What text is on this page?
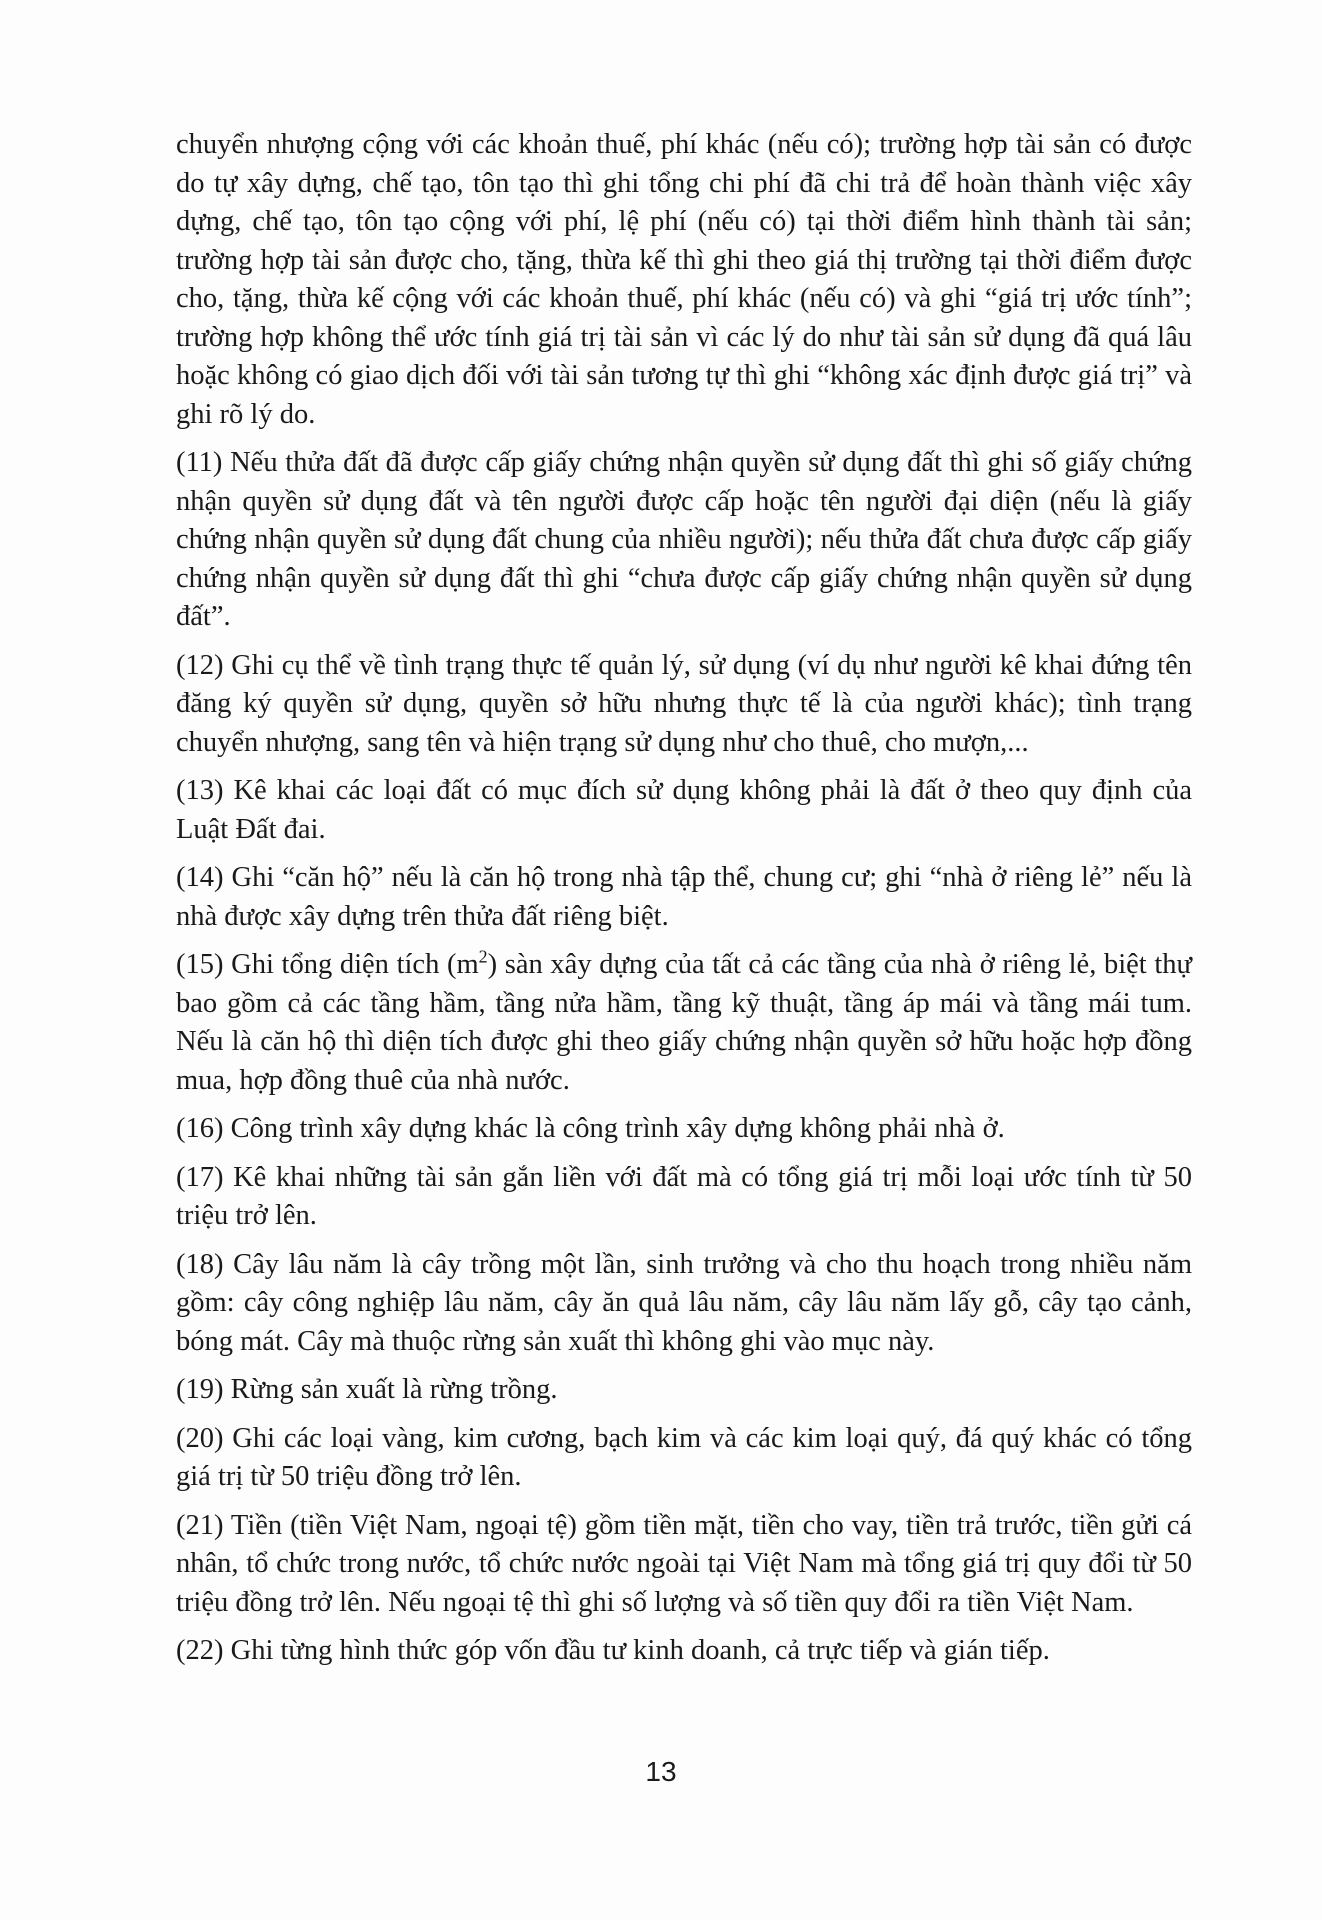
chuyển nhượng cộng với các khoản thuế, phí khác (nếu có); trường hợp tài sản có được do tự xây dựng, chế tạo, tôn tạo thì ghi tổng chi phí đã chi trả để hoàn thành việc xây dựng, chế tạo, tôn tạo cộng với phí, lệ phí (nếu có) tại thời điểm hình thành tài sản; trường hợp tài sản được cho, tặng, thừa kế thì ghi theo giá thị trường tại thời điểm được cho, tặng, thừa kế cộng với các khoản thuế, phí khác (nếu có) và ghi “giá trị ước tính”; trường hợp không thể ước tính giá trị tài sản vì các lý do như tài sản sử dụng đã quá lâu hoặc không có giao dịch đối với tài sản tương tự thì ghi “không xác định được giá trị” và ghi rõ lý do.

(11) Nếu thửa đất đã được cấp giấy chứng nhận quyền sử dụng đất thì ghi số giấy chứng nhận quyền sử dụng đất và tên người được cấp hoặc tên người đại diện (nếu là giấy chứng nhận quyền sử dụng đất chung của nhiều người); nếu thửa đất chưa được cấp giấy chứng nhận quyền sử dụng đất thì ghi “chưa được cấp giấy chứng nhận quyền sử dụng đất”.

(12) Ghi cụ thể về tình trạng thực tế quản lý, sử dụng (ví dụ như người kê khai đứng tên đăng ký quyền sử dụng, quyền sở hữu nhưng thực tế là của người khác); tình trạng chuyển nhượng, sang tên và hiện trạng sử dụng như cho thuê, cho mượn,...

(13) Kê khai các loại đất có mục đích sử dụng không phải là đất ở theo quy định của Luật Đất đai.

(14) Ghi “căn hộ” nếu là căn hộ trong nhà tập thể, chung cư; ghi “nhà ở riêng lẻ” nếu là nhà được xây dựng trên thửa đất riêng biệt.

(15) Ghi tổng diện tích $(m^2)$ sàn xây dựng của tất cả các tầng của nhà ở riêng lẻ, biệt thự bao gồm cả các tầng hầm, tầng nửa hầm, tầng kỹ thuật, tầng áp mái và tầng mái tum. Nếu là căn hộ thì diện tích được ghi theo giấy chứng nhận quyền sở hữu hoặc hợp đồng mua, hợp đồng thuê của nhà nước.

(16) Công trình xây dựng khác là công trình xây dựng không phải nhà ở.

(17) Kê khai những tài sản gắn liền với đất mà có tổng giá trị mỗi loại ước tính từ 50 triệu trở lên.

(18) Cây lâu năm là cây trồng một lần, sinh trưởng và cho thu hoạch trong nhiều năm gồm: cây công nghiệp lâu năm, cây ăn quả lâu năm, cây lâu năm lấy gỗ, cây tạo cảnh, bóng mát. Cây mà thuộc rừng sản xuất thì không ghi vào mục này.

(19) Rừng sản xuất là rừng trồng.

(20) Ghi các loại vàng, kim cương, bạch kim và các kim loại quý, đá quý khác có tổng giá trị từ 50 triệu đồng trở lên.

(21) Tiền (tiền Việt Nam, ngoại tệ) gồm tiền mặt, tiền cho vay, tiền trả trước, tiền gửi cá nhân, tổ chức trong nước, tổ chức nước ngoài tại Việt Nam mà tổng giá trị quy đổi từ 50 triệu đồng trở lên. Nếu ngoại tệ thì ghi số lượng và số tiền quy đổi ra tiền Việt Nam.

(22) Ghi từng hình thức góp vốn đầu tư kinh doanh, cả trực tiếp và gián tiếp.

13
